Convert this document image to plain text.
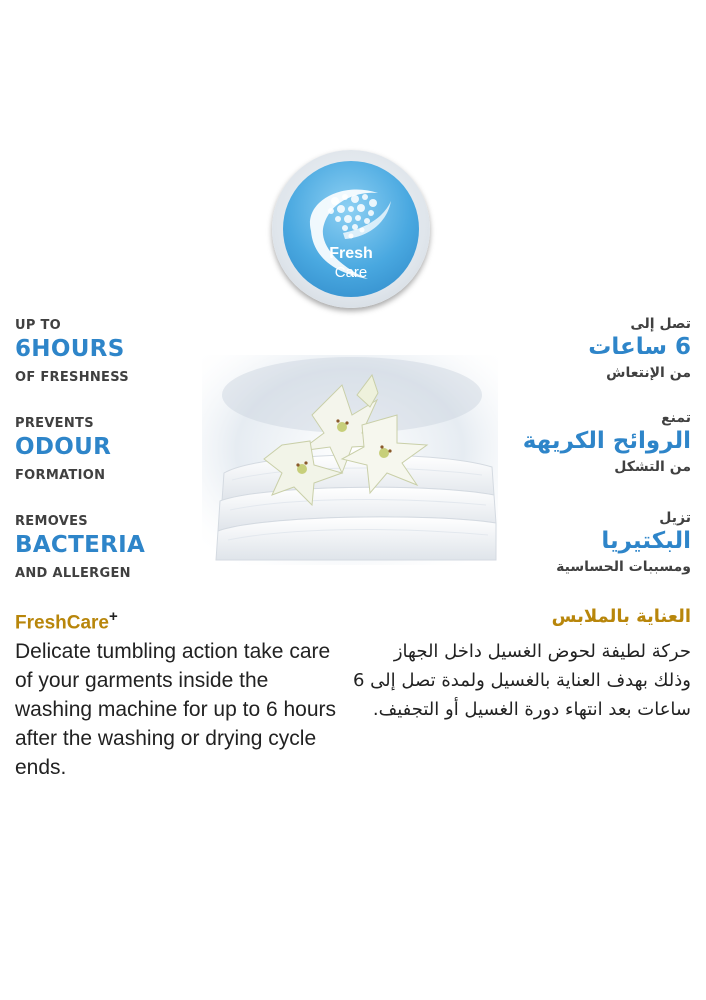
Fresh
Care
UP TO
6HOURS
OF FRESHNESS
PREVENTS
ODOUR
FORMATION
REMOVES
BACTERIA
AND ALLERGEN
تصل إلى
6 ساعات
من الإنتعاش
تمنع
الروائح الكريهة
من التشكل
تزيل
البكتيريا
ومسببات الحساسية
FreshCare+
Delicate tumbling action take care of your garments inside the washing machine for up to 6 hours after the washing or drying cycle ends.
العناية بالملابس
حركة لطيفة لحوض الغسيل داخل الجهاز وذلك بهدف العناية بالغسيل ولمدة تصل إلى 6 ساعات بعد انتهاء دورة الغسيل أو التجفيف.
